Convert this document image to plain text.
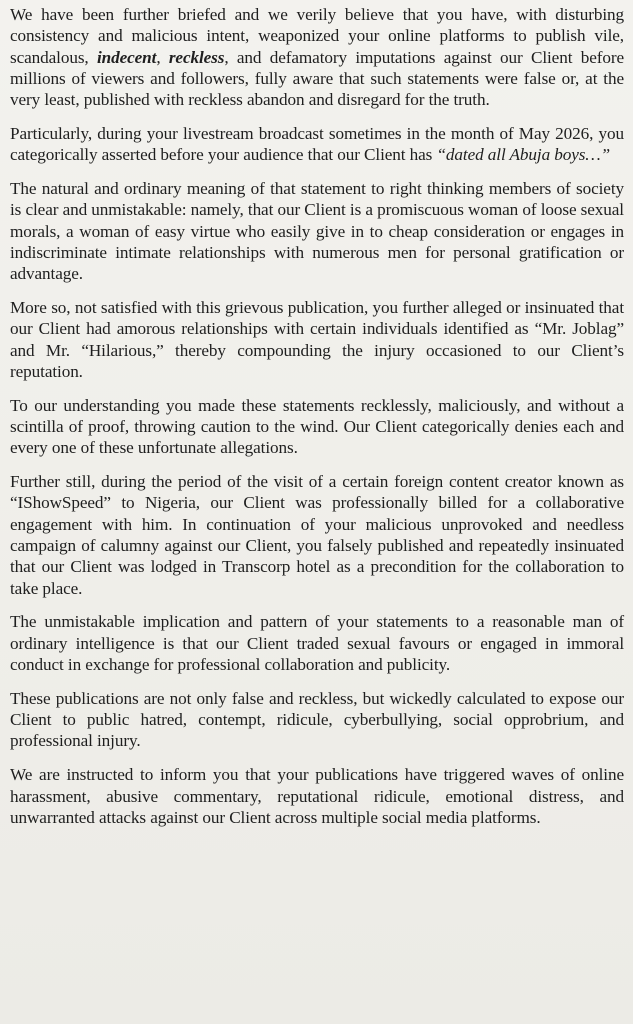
We have been further briefed and we verily believe that you have, with disturbing consistency and malicious intent, weaponized your online platforms to publish vile, scandalous, indecent, reckless, and defamatory imputations against our Client before millions of viewers and followers, fully aware that such statements were false or, at the very least, published with reckless abandon and disregard for the truth.

Particularly, during your livestream broadcast sometimes in the month of May 2026, you categorically asserted before your audience that our Client has “dated all Abuja boys…”

The natural and ordinary meaning of that statement to right thinking members of society is clear and unmistakable: namely, that our Client is a promiscuous woman of loose sexual morals, a woman of easy virtue who easily give in to cheap consideration or engages in indiscriminate intimate relationships with numerous men for personal gratification or advantage.

More so, not satisfied with this grievous publication, you further alleged or insinuated that our Client had amorous relationships with certain individuals identified as “Mr. Joblag” and Mr. “Hilarious,” thereby compounding the injury occasioned to our Client’s reputation.

To our understanding you made these statements recklessly, maliciously, and without a scintilla of proof, throwing caution to the wind. Our Client categorically denies each and every one of these unfortunate allegations.

Further still, during the period of the visit of a certain foreign content creator known as “IShowSpeed” to Nigeria, our Client was professionally billed for a collaborative engagement with him. In continuation of your malicious unprovoked and needless campaign of calumny against our Client, you falsely published and repeatedly insinuated that our Client was lodged in Transcorp hotel as a precondition for the collaboration to take place.

The unmistakable implication and pattern of your statements to a reasonable man of ordinary intelligence is that our Client traded sexual favours or engaged in immoral conduct in exchange for professional collaboration and publicity.

These publications are not only false and reckless, but wickedly calculated to expose our Client to public hatred, contempt, ridicule, cyberbullying, social opprobrium, and professional injury.

We are instructed to inform you that your publications have triggered waves of online harassment, abusive commentary, reputational ridicule, emotional distress, and unwarranted attacks against our Client across multiple social media platforms.
